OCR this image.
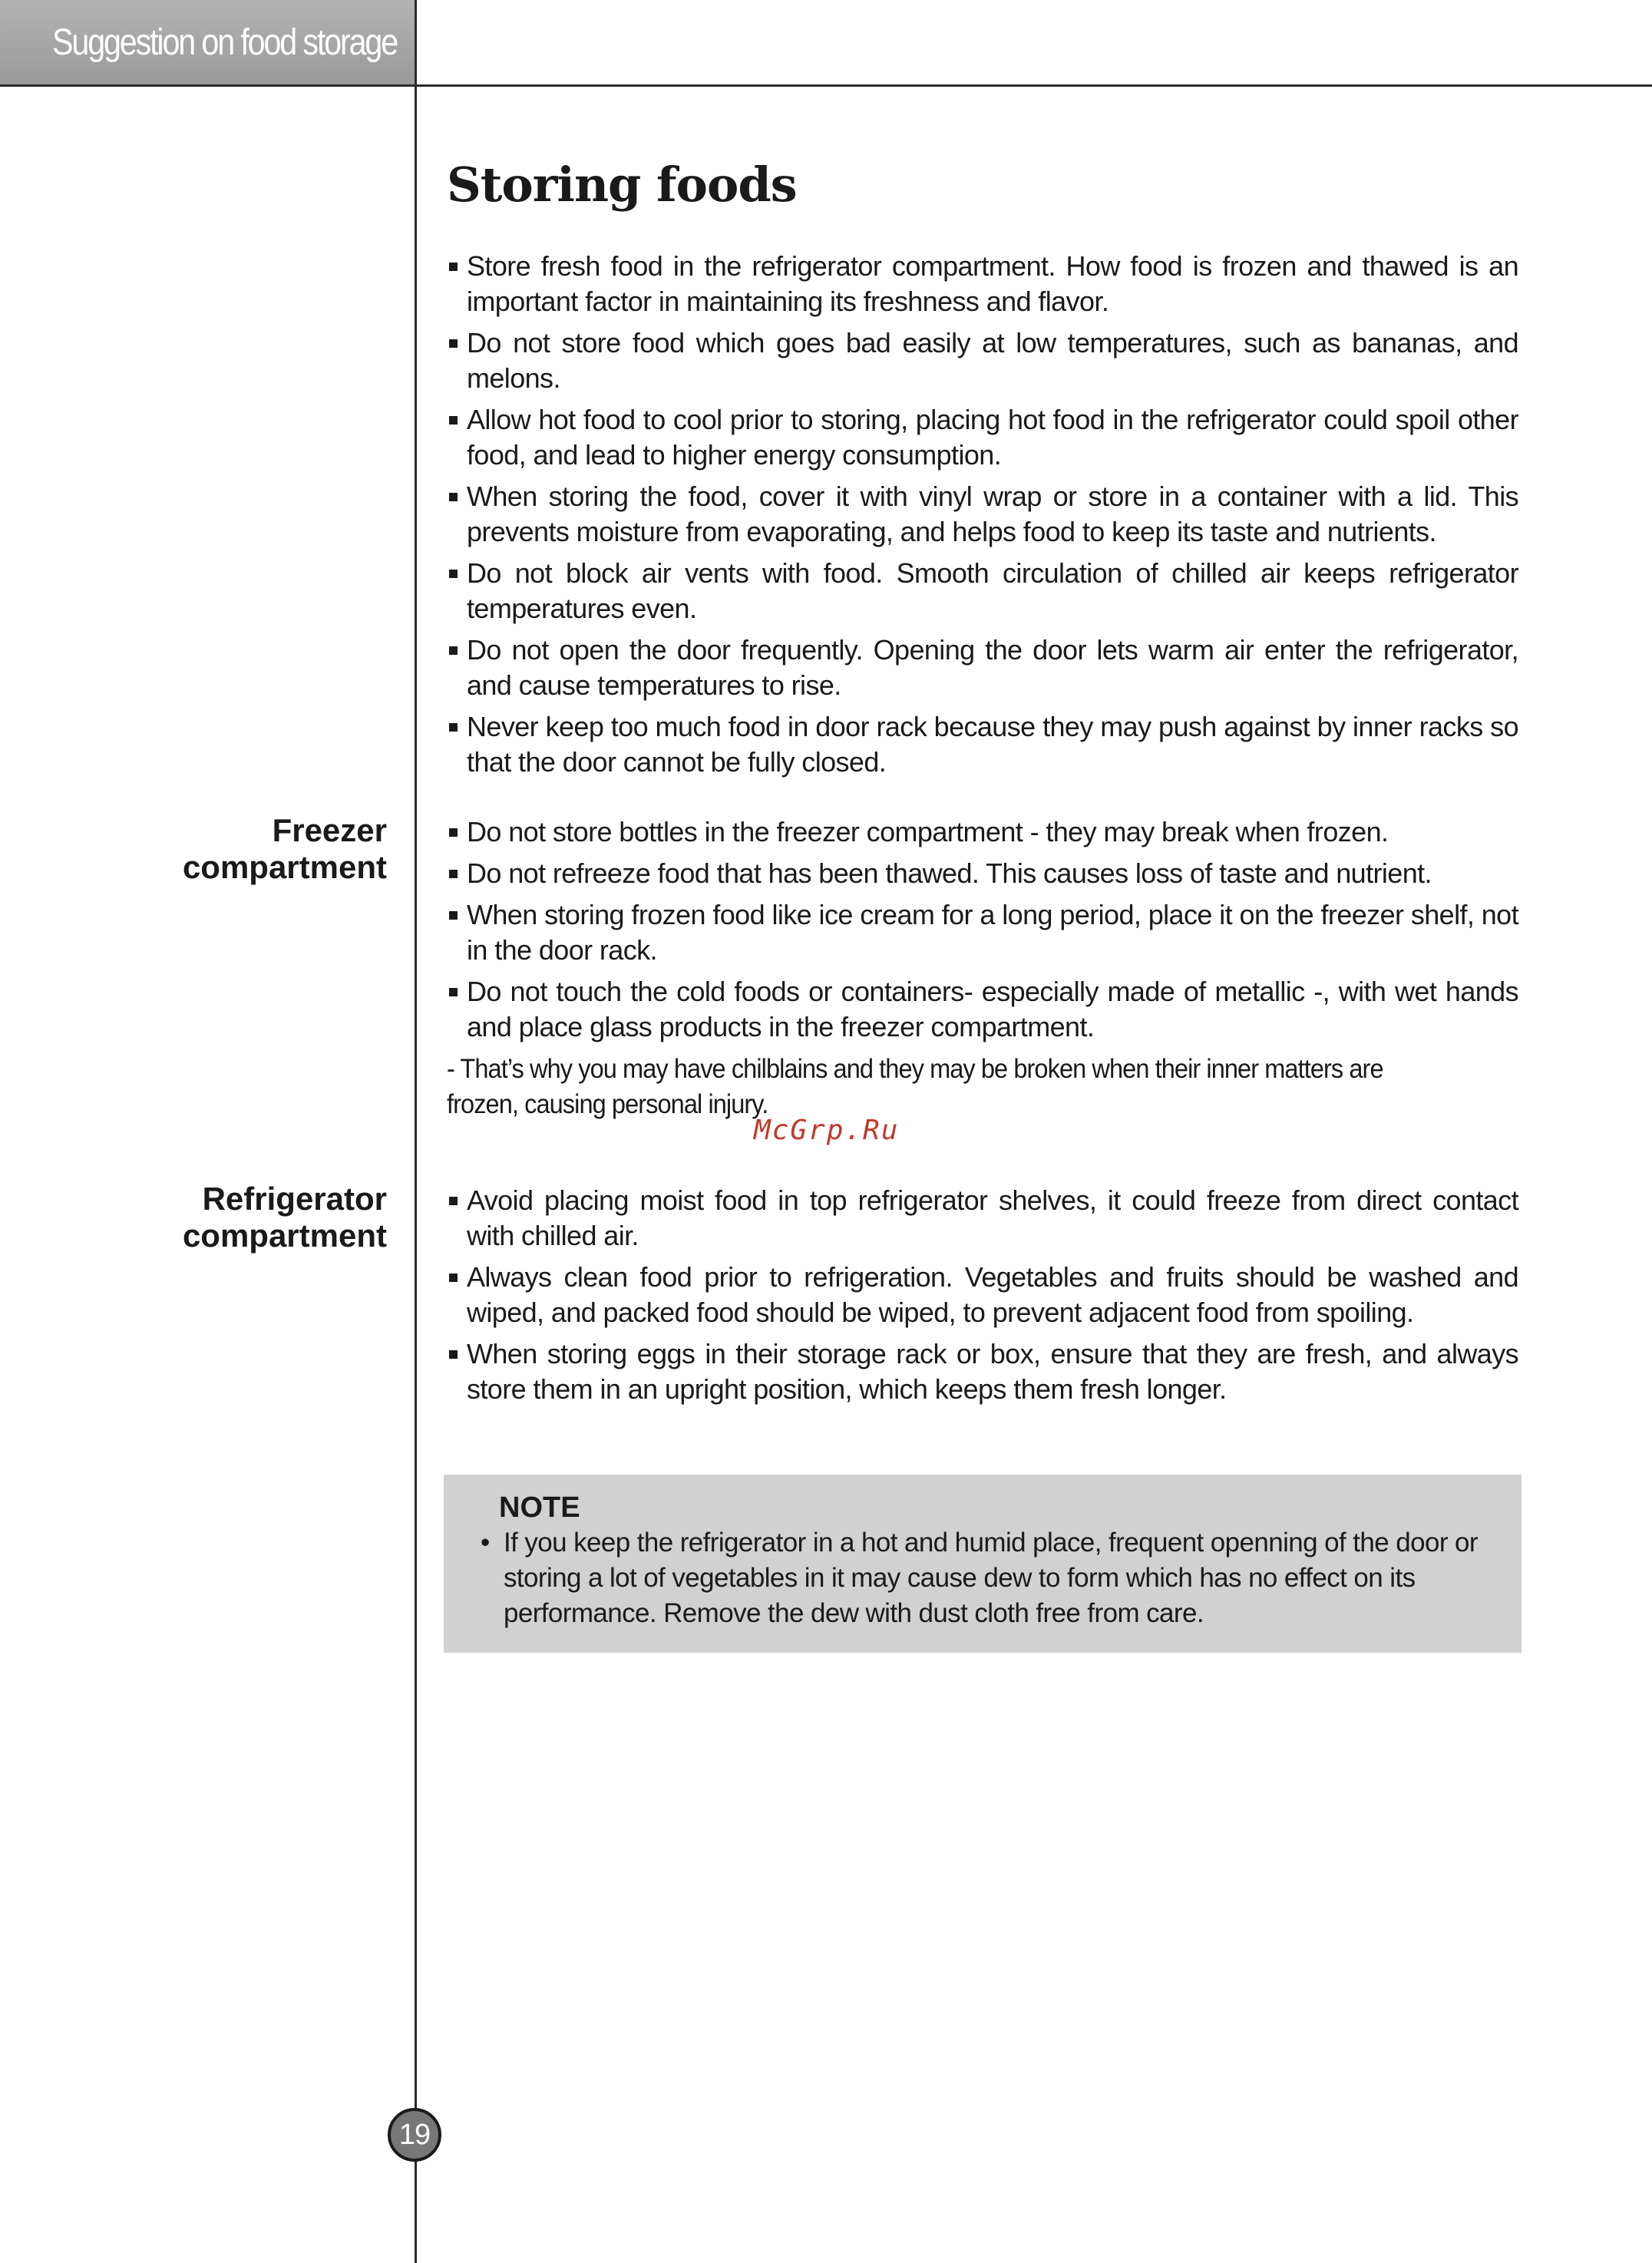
Suggestion on food storage
Storing foods
Store fresh food in the refrigerator compartment. How food is frozen and thawed is an important factor in maintaining its freshness and flavor.
Do not store food which goes bad easily at low temperatures, such as bananas, and melons.
Allow hot food to cool prior to storing, placing hot food in the refrigerator could spoil other food, and lead to higher energy consumption.
When storing the food, cover it with vinyl wrap or store in a container with a lid. This prevents moisture from evaporating, and helps food to keep its taste and nutrients.
Do not block air vents with food. Smooth circulation of chilled air keeps refrigerator temperatures even.
Do not open the door frequently. Opening the door lets warm air enter the refrigerator, and cause temperatures to rise.
Never keep too much food in door rack because they may push against by inner racks so that the door cannot be fully closed.
Freezer
compartment
Do not store bottles in the freezer compartment - they may break when frozen.
Do not refreeze food that has been thawed. This causes loss of taste and nutrient.
When storing frozen food like ice cream for a long period, place it on the freezer shelf, not in the door rack.
Do not touch the cold foods or containers- especially made of metallic -, with wet hands and place glass products in the freezer compartment.
- That’s why you may have chilblains and they may be broken when their inner matters are frozen, causing personal injury.
McGrp.Ru
Refrigerator
compartment
Avoid placing moist food in top refrigerator shelves, it could freeze from direct contact with chilled air.
Always clean food prior to refrigeration. Vegetables and fruits should be washed and wiped, and packed food should be wiped, to prevent adjacent food from spoiling.
When storing eggs in their storage rack or box, ensure that they are fresh, and always store them in an upright position, which keeps them fresh longer.
NOTE
• If you keep the refrigerator in a hot and humid place, frequent openning of the door or storing a lot of vegetables in it may cause dew to form which has no effect on its performance. Remove the dew with dust cloth free from care.
19
